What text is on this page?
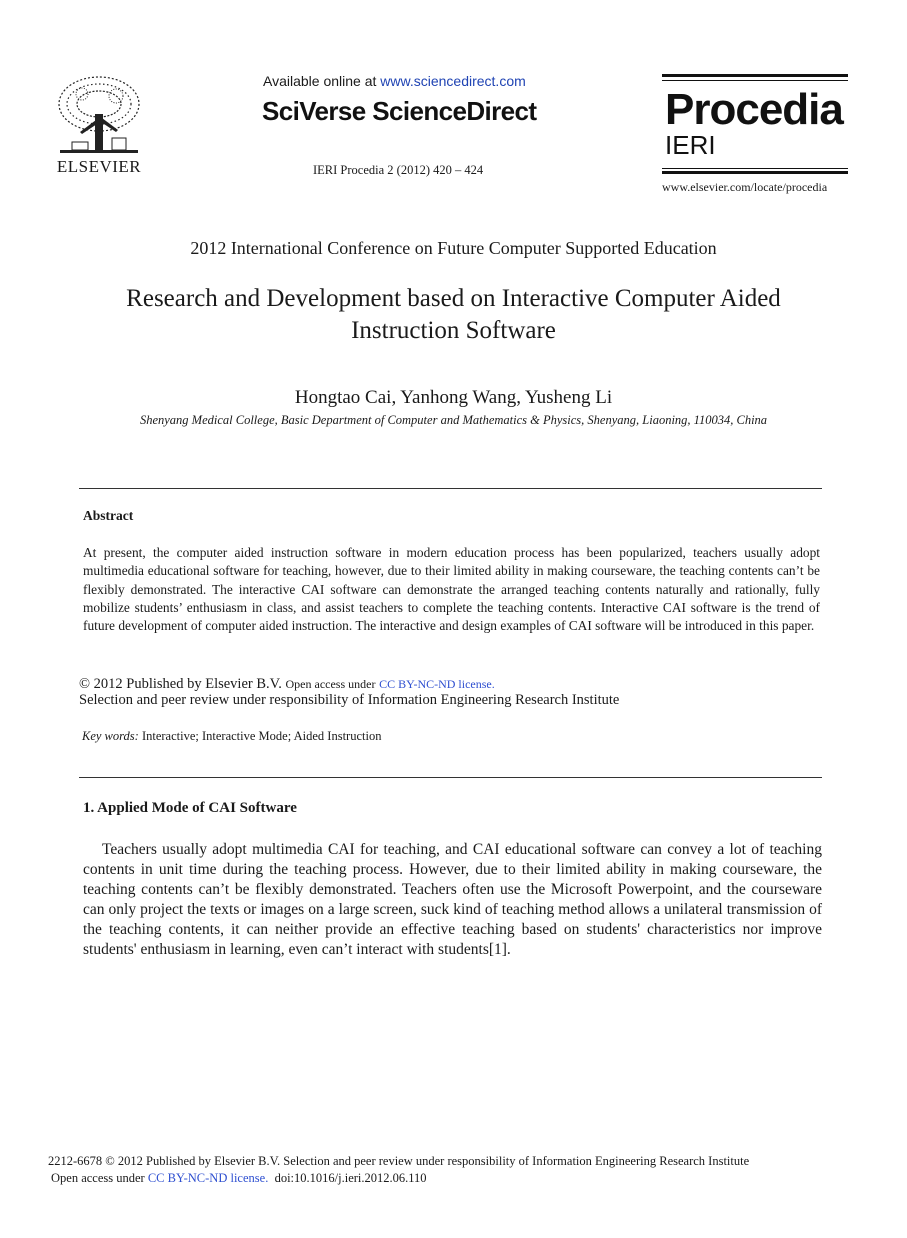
ELSEVIER
Available online at www.sciencedirect.com
SciVerse ScienceDirect
IERI Procedia 2 (2012) 420 – 424
Procedia
IERI
www.elsevier.com/locate/procedia
2012 International Conference on Future Computer Supported Education
Research and Development based on Interactive Computer Aided Instruction Software
Hongtao Cai, Yanhong Wang, Yusheng Li
Shenyang Medical College, Basic Department of Computer and Mathematics & Physics, Shenyang, Liaoning, 110034, China
Abstract
At present, the computer aided instruction software in modern education process has been popularized, teachers usually adopt multimedia educational software for teaching, however, due to their limited ability in making courseware, the teaching contents can’t be flexibly demonstrated. The interactive CAI software can demonstrate the arranged teaching contents naturally and rationally, fully mobilize students’ enthusiasm in class, and assist teachers to complete the teaching contents. Interactive CAI software is the trend of future development of computer aided instruction. The interactive and design examples of CAI software will be introduced in this paper.
© 2012 Published by Elsevier B.V. Open access under CC BY-NC-ND license.
Selection and peer review under responsibility of Information Engineering Research Institute
Key words: Interactive; Interactive Mode; Aided Instruction
1. Applied Mode of CAI Software
Teachers usually adopt multimedia CAI for teaching, and CAI educational software can convey a lot of teaching contents in unit time during the teaching process. However, due to their limited ability in making courseware, the teaching contents can’t be flexibly demonstrated. Teachers often use the Microsoft Powerpoint, and the courseware can only project the texts or images on a large screen, suck kind of teaching method allows a unilateral transmission of the teaching contents, it can neither provide an effective teaching based on students' characteristics nor improve students' enthusiasm in learning, even can’t interact with students[1].
2212-6678 © 2012 Published by Elsevier B.V. Selection and peer review under responsibility of Information Engineering Research Institute
Open access under CC BY-NC-ND license. doi:10.1016/j.ieri.2012.06.110
